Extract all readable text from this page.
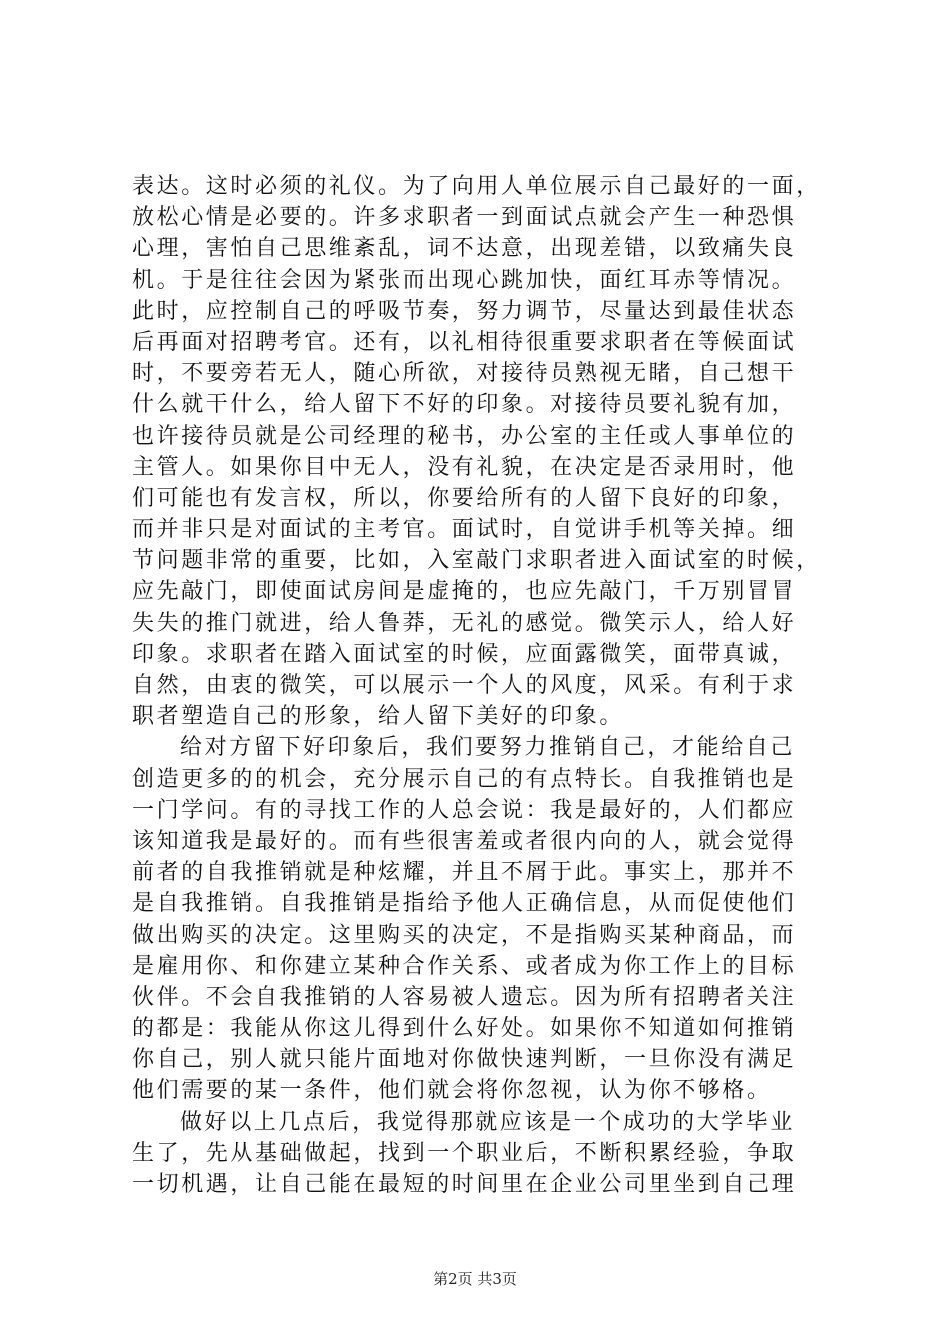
表达。这时必须的礼仪。为了向用人单位展示自己最好的一面，
放松心情是必要的。许多求职者一到面试点就会产生一种恐惧
心理，害怕自己思维紊乱，词不达意，出现差错，以致痛失良
机。于是往往会因为紧张而出现心跳加快，面红耳赤等情况。
此时，应控制自己的呼吸节奏，努力调节，尽量达到最佳状态
后再面对招聘考官。还有，以礼相待很重要求职者在等候面试
时，不要旁若无人，随心所欲，对接待员熟视无睹，自己想干
什么就干什么，给人留下不好的印象。对接待员要礼貌有加，
也许接待员就是公司经理的秘书，办公室的主任或人事单位的
主管人。如果你目中无人，没有礼貌，在决定是否录用时，他
们可能也有发言权，所以，你要给所有的人留下良好的印象，
而并非只是对面试的主考官。面试时，自觉讲手机等关掉。细
节问题非常的重要，比如，入室敲门求职者进入面试室的时候，
应先敲门，即使面试房间是虚掩的，也应先敲门，千万别冒冒
失失的推门就进，给人鲁莽，无礼的感觉。微笑示人，给人好
印象。求职者在踏入面试室的时候，应面露微笑，面带真诚，
自然，由衷的微笑，可以展示一个人的风度，风采。有利于求
职者塑造自己的形象，给人留下美好的印象。
给对方留下好印象后，我们要努力推销自己，才能给自己
创造更多的的机会，充分展示自己的有点特长。自我推销也是
一门学问。有的寻找工作的人总会说：我是最好的，人们都应
该知道我是最好的。而有些很害羞或者很内向的人，就会觉得
前者的自我推销就是种炫耀，并且不屑于此。事实上，那并不
是自我推销。自我推销是指给予他人正确信息，从而促使他们
做出购买的决定。这里购买的决定，不是指购买某种商品，而
是雇用你、和你建立某种合作关系、或者成为你工作上的目标
伙伴。不会自我推销的人容易被人遗忘。因为所有招聘者关注
的都是：我能从你这儿得到什么好处。如果你不知道如何推销
你自己，别人就只能片面地对你做快速判断，一旦你没有满足
他们需要的某一条件，他们就会将你忽视，认为你不够格。
做好以上几点后，我觉得那就应该是一个成功的大学毕业
生了，先从基础做起，找到一个职业后，不断积累经验，争取
一切机遇，让自己能在最短的时间里在企业公司里坐到自己理
第2页 共3页
